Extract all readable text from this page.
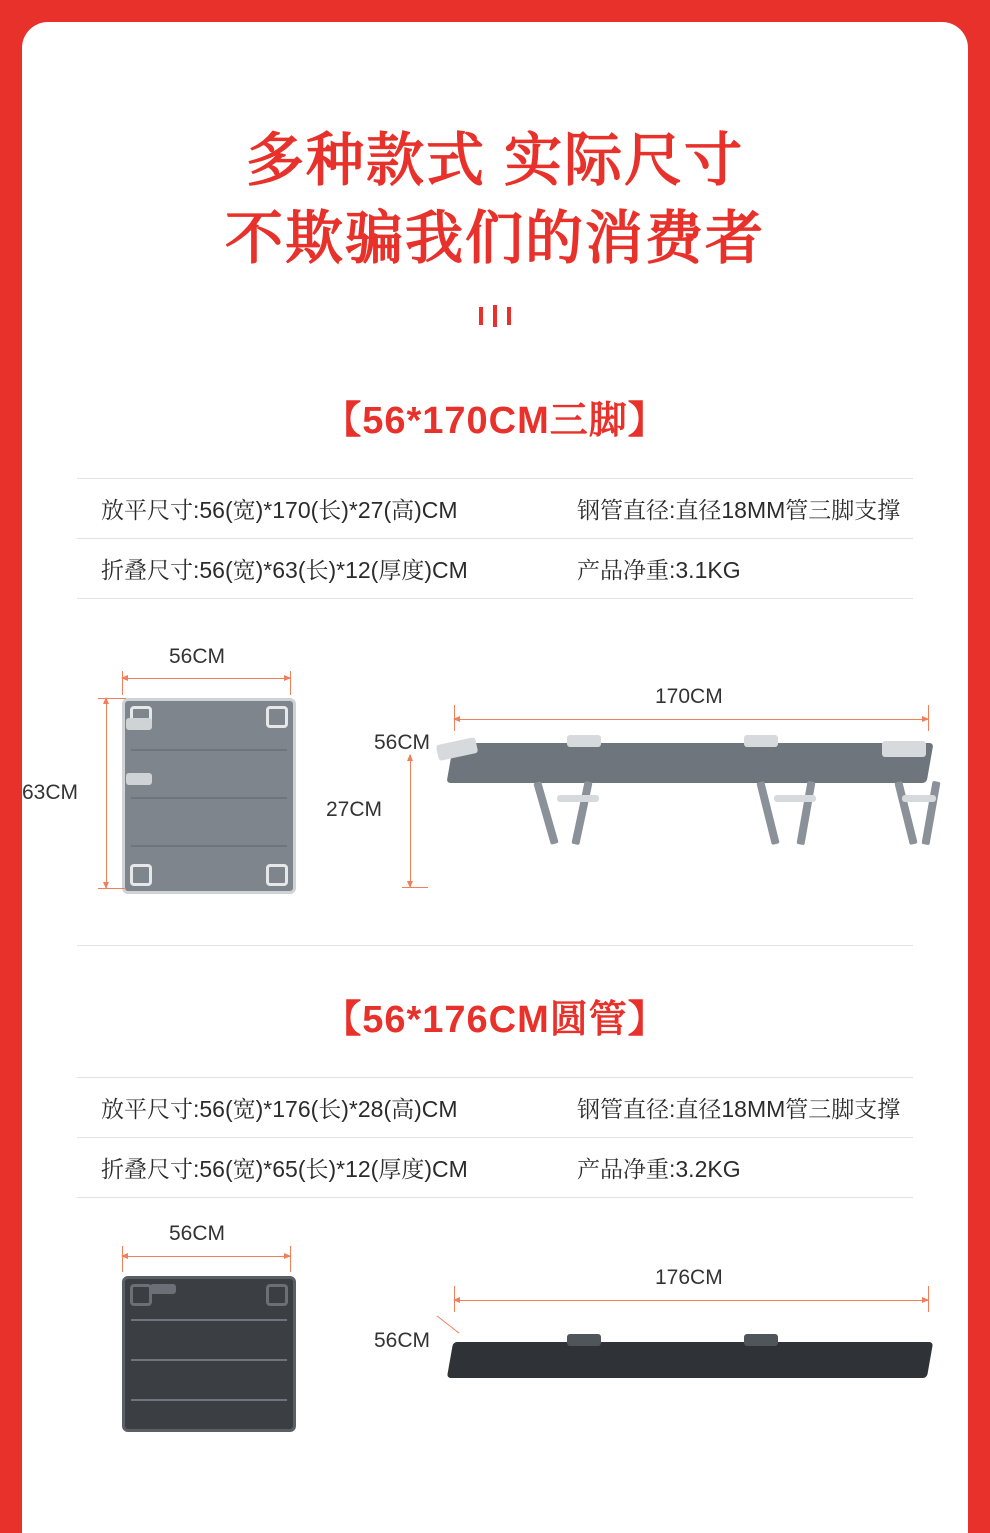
多种款式 实际尺寸
不欺骗我们的消费者

【56*170CM三脚】
放平尺寸:56(宽)*170(长)*27(高)CM	钢管直径:直径18MM管三脚支撑
折叠尺寸:56(宽)*63(长)*12(厚度)CM	产品净重:3.1KG
56CM
63CM
170CM
56CM
27CM
【56*176CM圆管】
放平尺寸:56(宽)*176(长)*28(高)CM	钢管直径:直径18MM管三脚支撑
折叠尺寸:56(宽)*65(长)*12(厚度)CM	产品净重:3.2KG
56CM
176CM
56CM
